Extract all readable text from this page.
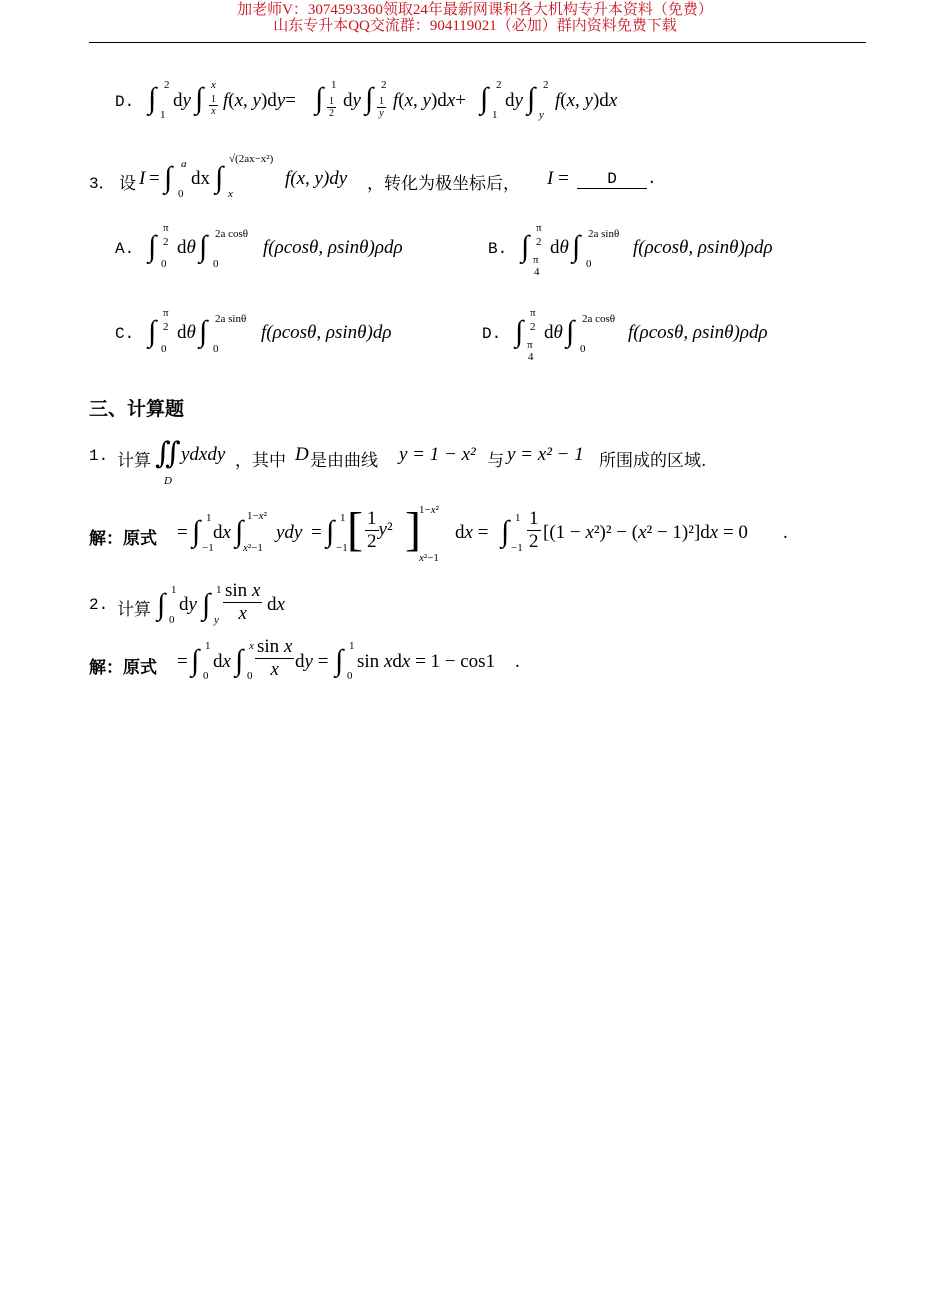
加老师V：3074593360领取24年最新网课和各大机构专升本资料（免费）
山东专升本QQ交流群：904119021（必加）群内资料免费下载
D. ∫ 2
1
dy ∫ x
$\frac{1}{x} f(x$, y)dy= ∫ 1
$\frac{1}{2}$ dy ∫ 2
$\frac{1}{y} f(x$, y)dx+ ∫ 2
1
dy ∫ 2
y
f(x, y)dx
3． 设 I = ∫ a
0
dx ∫
√(2ax−x²)
x
f(x, y)dy ，转化为极坐标后， I =	D .
A. ∫
π
2
0
dθ ∫ 2a cosθ
0
f(ρcosθ, ρsinθ)ρdρ	B. ∫
π
2
π
4
dθ ∫ 2a sinθ
0
f(ρcosθ, ρsinθ)ρdρ
C. ∫
π
2
0
dθ ∫ 2a sinθ
0
f(ρcosθ, ρsinθ)dρ	D. ∫
π
2
π
4
dθ ∫ 2a cosθ
0
f(ρcosθ, ρsinθ)ρdρ
三、计算题
1. 计算 ∬
D
ydxdy ，其中 D 是由曲线 y = 1 − x² 与 y = x² − 1 所围成的区域.
解：原式 = ∫ 1
−1
dx ∫ 1−x²
x²−1
ydy = ∫ 1
−1 [ $\frac{1}{2} y^2$ ]
1−x²
x²−1
dx = ∫ 1
$-1 \frac{1}{2} [(1 - x^2)^2 - (x^2 - 1)^2]dx = 0$ .
2. 计算 ∫ 1
0
dy ∫ 1
y $\frac{\text{sin x}}{x}$ dx
解：原式 = ∫ 1
0
dx ∫ x
$0 \frac{\text{sin x}}{x}$ dy = ∫ 1
0
sin xdx = 1 − cos1 .
